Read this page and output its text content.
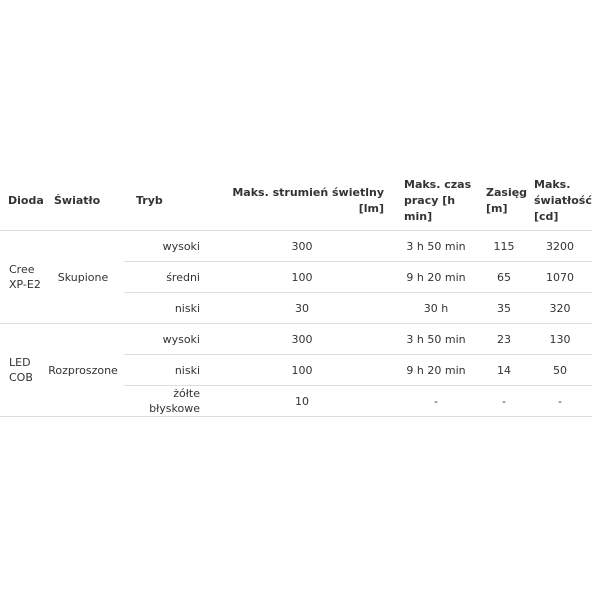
Dioda	Światło	Tryb	Maks. strumień świetlny [lm]	Maks. czas pracy [h min]	Zasięg [m]	Maks. światłość [cd]
Cree XP-E2	Skupione	wysoki	300	3 h 50 min	115	3200
		średni	100	9 h 20 min	65	1070
		niski	30	30 h	35	320
LED COB	Rozproszone	wysoki	300	3 h 50 min	23	130
		niski	100	9 h 20 min	14	50
		żółte błyskowe	10	-	-	-
